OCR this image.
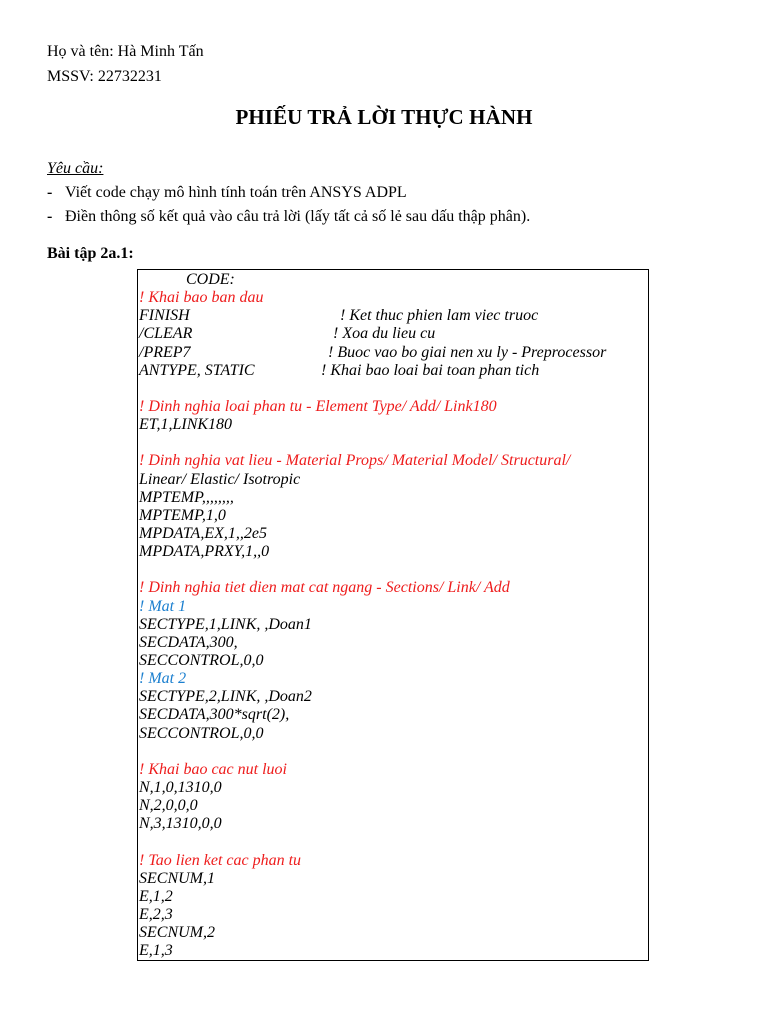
Họ và tên: Hà Minh Tấn
MSSV: 22732231
PHIẾU TRẢ LỜI THỰC HÀNH
Yêu cầu:
- Viết code chạy mô hình tính toán trên ANSYS ADPL
- Điền thông số kết quả vào câu trả lời (lấy tất cả số lẻ sau dấu thập phân).
Bài tập 2a.1:
CODE:
! Khai bao ban dau
FINISH	! Ket thuc phien lam viec truoc
/CLEAR	! Xoa du lieu cu
/PREP7	! Buoc vao bo giai nen xu ly - Preprocessor
ANTYPE, STATIC	! Khai bao loai bai toan phan tich
! Dinh nghia loai phan tu - Element Type/ Add/ Link180
ET,1,LINK180
! Dinh nghia vat lieu - Material Props/ Material Model/ Structural/
Linear/ Elastic/ Isotropic
MPTEMP,,,,,,,,
MPTEMP,1,0
MPDATA,EX,1,,2e5
MPDATA,PRXY,1,,0
! Dinh nghia tiet dien mat cat ngang - Sections/ Link/ Add
! Mat 1
SECTYPE,1,LINK, ,Doan1
SECDATA,300,
SECCONTROL,0,0
! Mat 2
SECTYPE,2,LINK, ,Doan2
SECDATA,300*sqrt(2),
SECCONTROL,0,0
! Khai bao cac nut luoi
N,1,0,1310,0
N,2,0,0,0
N,3,1310,0,0
! Tao lien ket cac phan tu
SECNUM,1
E,1,2
E,2,3
SECNUM,2
E,1,3
